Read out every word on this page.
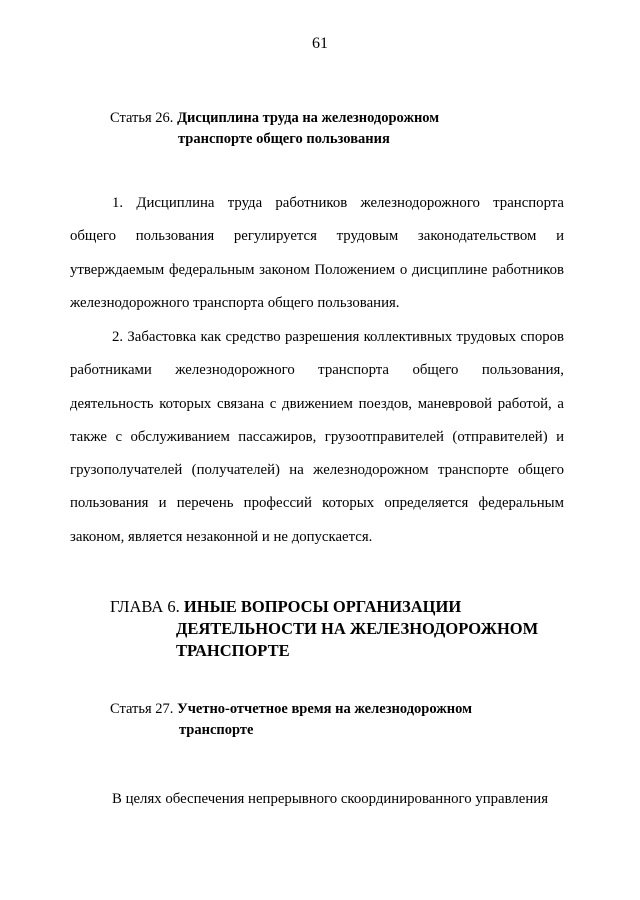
61
Статья 26. Дисциплина труда на железнодорожном
транспорте общего пользования

1. Дисциплина труда работников железнодорожного транспорта общего пользования регулируется трудовым законодательством и утверждаемым федеральным законом Положением о дисциплине работников железнодорожного транспорта общего пользования.

2. Забастовка как средство разрешения коллективных трудовых споров работниками железнодорожного транспорта общего пользования, деятельность которых связана с движением поездов, маневровой работой, а также с обслуживанием пассажиров, грузоотправителей (отправителей) и грузополучателей (получателей) на железнодорожном транспорте общего пользования и перечень профессий которых определяется федеральным законом, является незаконной и не допускается.

ГЛАВА 6. ИНЫЕ ВОПРОСЫ ОРГАНИЗАЦИИ
ДЕЯТЕЛЬНОСТИ НА ЖЕЛЕЗНОДОРОЖНОМ
ТРАНСПОРТЕ
Статья 27. Учетно-отчетное время на железнодорожном
транспорте

В целях обеспечения непрерывного скоординированного управления
